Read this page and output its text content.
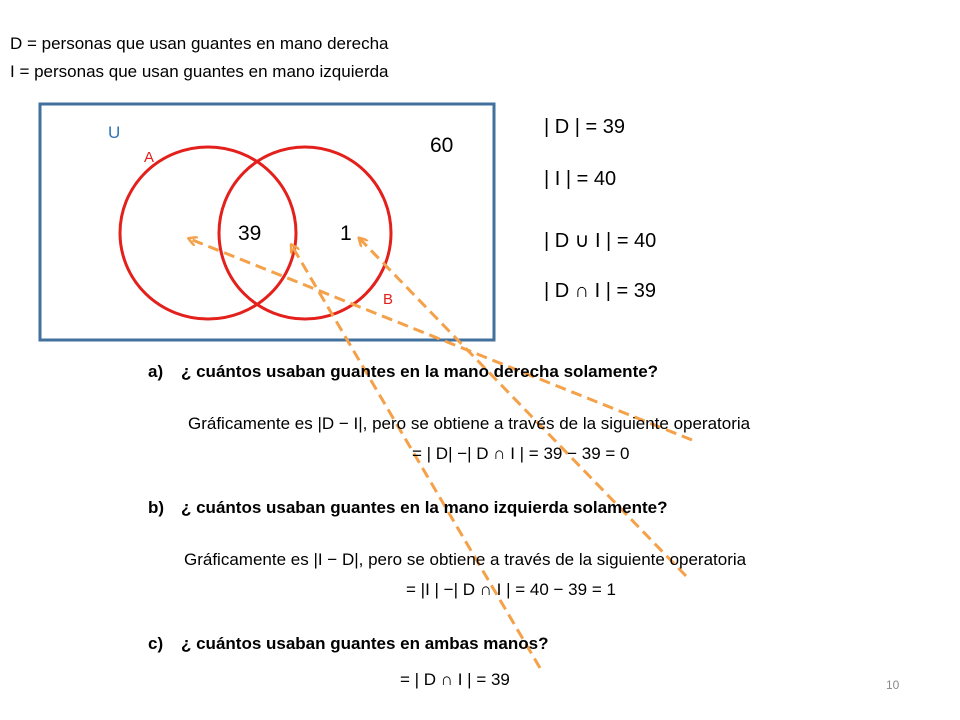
D = personas que usan guantes en mano derecha
I = personas que usan guantes en mano izquierda
U
A
B
60
39	1
| D | = 39
| I | = 40
| D ∪ I | = 40
| D ∩ I | = 39
a) ¿ cuántos usaban guantes en la mano derecha solamente?
Gráficamente es |D − I|, pero se obtiene a través de la siguiente operatoria
= | D| −| D ∩ I | = 39 − 39 = 0
b) ¿ cuántos usaban guantes en la mano izquierda solamente?
Gráficamente es |I − D|, pero se obtiene a través de la siguiente operatoria
= |I | −| D ∩ I | = 40 − 39 = 1
c) ¿ cuántos usaban guantes en ambas manos?
= | D ∩ I | = 39	10
